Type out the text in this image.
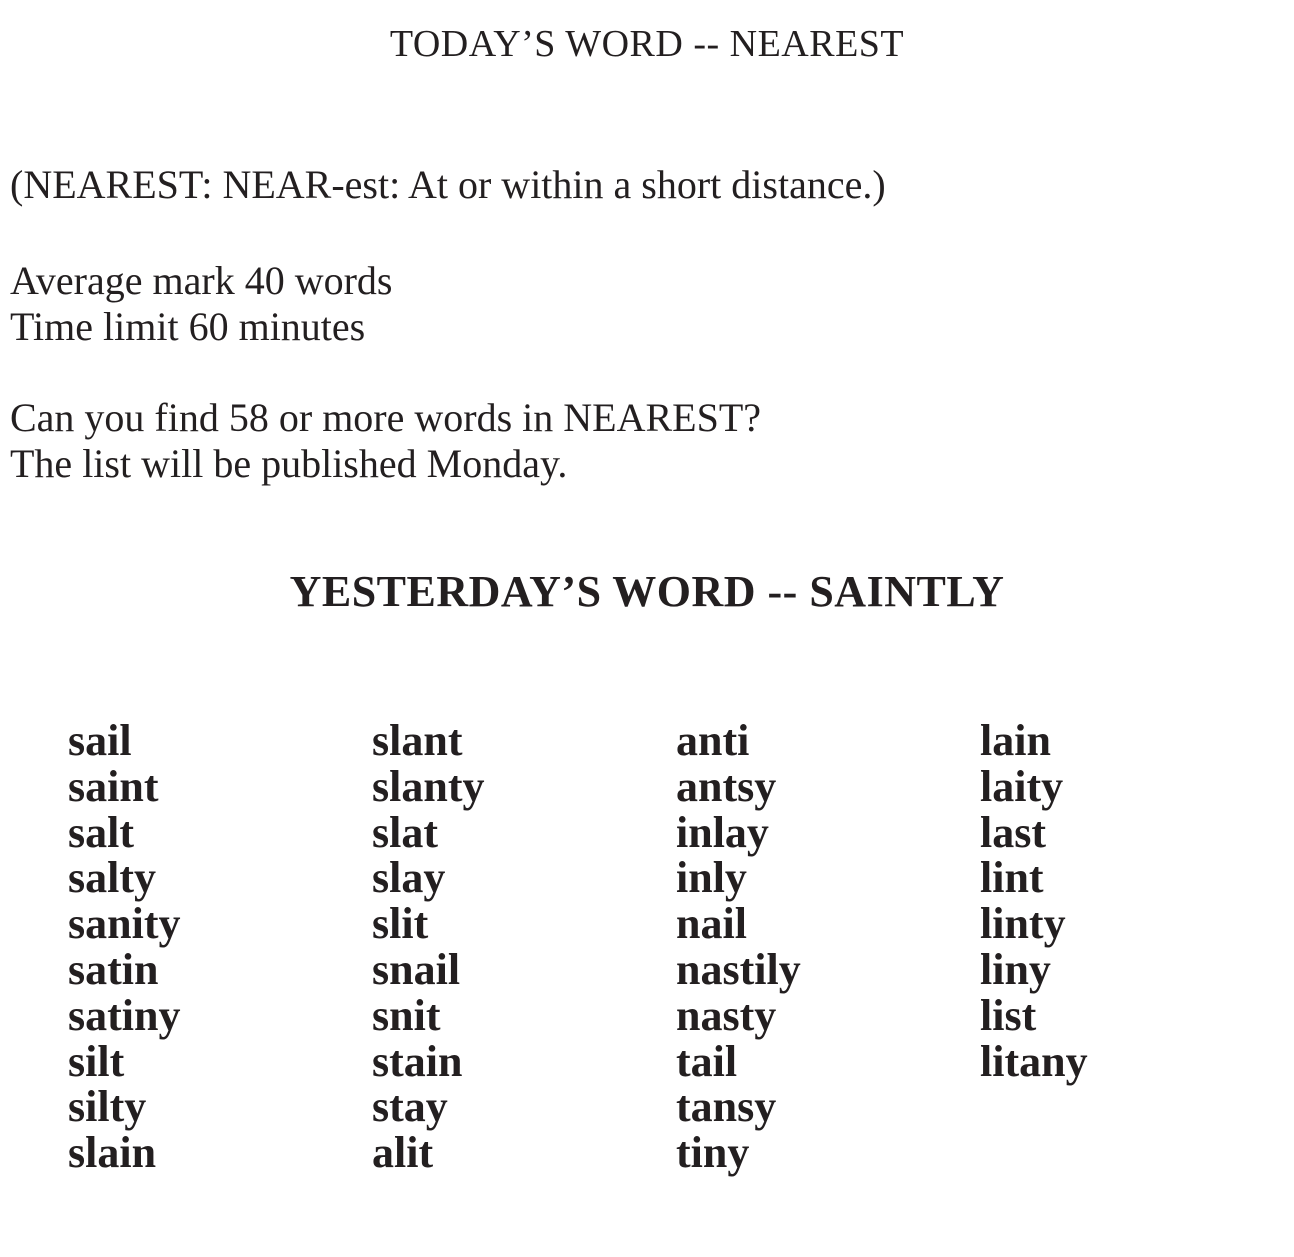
TODAY’S WORD -- NEAREST
(NEAREST: NEAR-est: At or within a short distance.)
Average mark 40 words
Time limit 60 minutes
Can you find 58 or more words in NEAREST?
The list will be published Monday.
YESTERDAY’S WORD -- SAINTLY
sail
saint
salt
salty
sanity
satin
satiny
silt
silty
slain
slant
slanty
slat
slay
slit
snail
snit
stain
stay
alit
anti
antsy
inlay
inly
nail
nastily
nasty
tail
tansy
tiny
lain
laity
last
lint
linty
liny
list
litany
